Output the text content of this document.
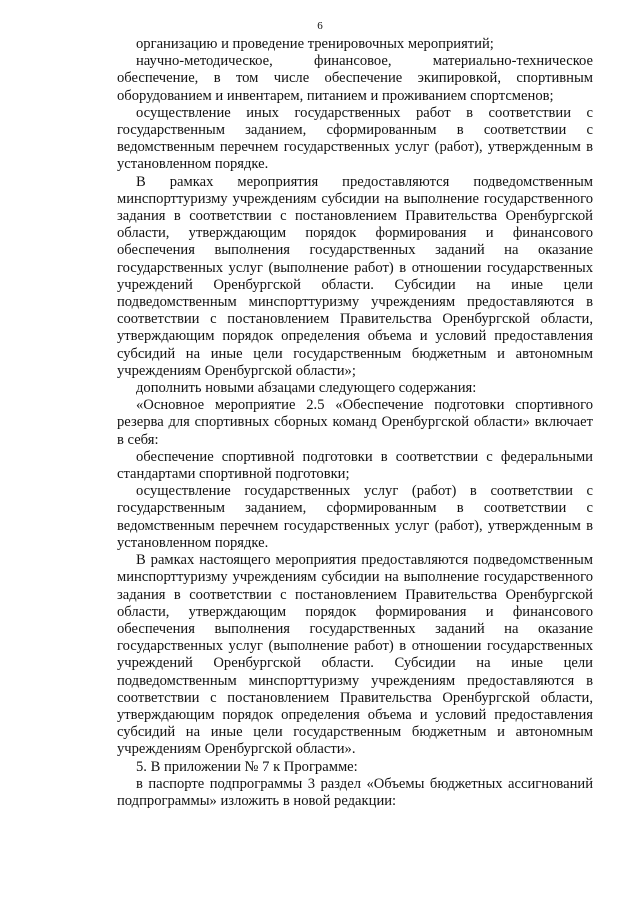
6

организацию и проведение тренировочных мероприятий;

научно-методическое, финансовое, материально-техническое обеспечение, в том числе обеспечение экипировкой, спортивным оборудованием и инвентарем, питанием и проживанием спортсменов;

осуществление иных государственных работ в соответствии с государственным заданием, сформированным в соответствии с ведомственным перечнем государственных услуг (работ), утвержденным в установленном порядке.

В рамках мероприятия предоставляются подведомственным минспорттуризму учреждениям субсидии на выполнение государственного задания в соответствии с постановлением Правительства Оренбургской области, утверждающим порядок формирования и финансового обеспечения выполнения государственных заданий на оказание государственных услуг (выполнение работ) в отношении государственных учреждений Оренбургской области. Субсидии на иные цели подведомственным минспорттуризму учреждениям предоставляются в соответствии с постановлением Правительства Оренбургской области, утверждающим порядок определения объема и условий предоставления субсидий на иные цели государственным бюджетным и автономным учреждениям Оренбургской области»;

дополнить новыми абзацами следующего содержания:

«Основное мероприятие 2.5 «Обеспечение подготовки спортивного резерва для спортивных сборных команд Оренбургской области» включает в себя:

обеспечение спортивной подготовки в соответствии с федеральными стандартами спортивной подготовки;

осуществление государственных услуг (работ) в соответствии с государственным заданием, сформированным в соответствии с ведомственным перечнем государственных услуг (работ), утвержденным в установленном порядке.

В рамках настоящего мероприятия предоставляются подведомственным минспорттуризму учреждениям субсидии на выполнение государственного задания в соответствии с постановлением Правительства Оренбургской области, утверждающим порядок формирования и финансового обеспечения выполнения государственных заданий на оказание государственных услуг (выполнение работ) в отношении государственных учреждений Оренбургской области. Субсидии на иные цели подведомственным минспорттуризму учреждениям предоставляются в соответствии с постановлением Правительства Оренбургской области, утверждающим порядок определения объема и условий предоставления субсидий на иные цели государственным бюджетным и автономным учреждениям Оренбургской области».

5. В приложении № 7 к Программе:

в паспорте подпрограммы 3 раздел «Объемы бюджетных ассигнований подпрограммы» изложить в новой редакции:
